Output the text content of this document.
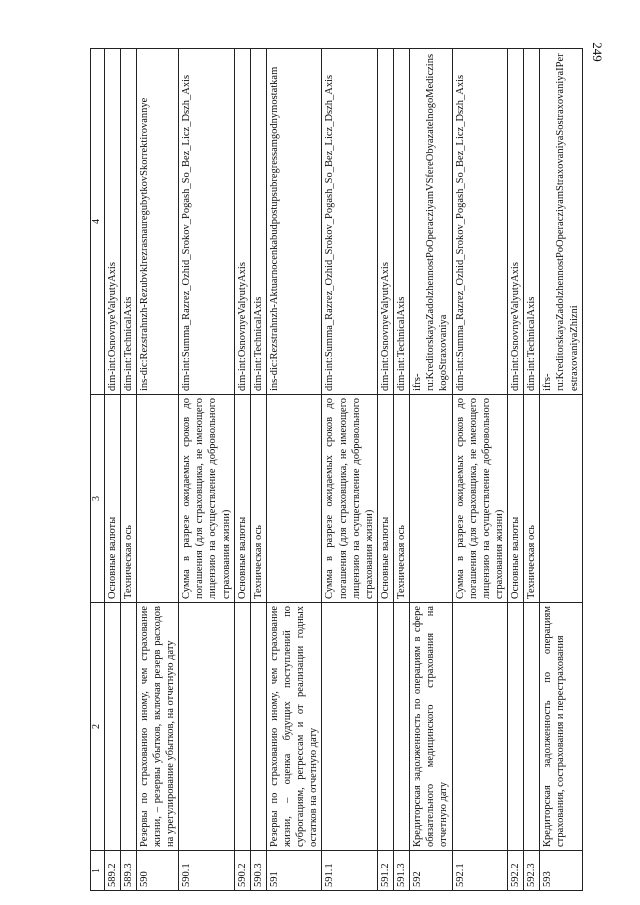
249
1	2	3	4
589.2		Основные валюты	dim-int:OsnovnyeValyutyAxis
589.3		Техническая ось	dim-int:TechnicalAxis
590	Резервы по страхованию иному, чем страхование жизни, – резервы убытков, включая резерв расходов на урегулирование убытков, на отчетную дату		ins-dic:Rezstrahnzh-RezubvklrezrasnauregubytkovSkorrektirovannye
590.1		Сумма в разрезе ожидаемых сроков до погашения (для страховщика, не имеющего лицензию на осуществление добровольного страхования жизни)	dim-int:Summa_Razrez_Ozhid_Srokov_Pogash_So_Bez_Licz_Dszh_Axis
590.2		Основные валюты	dim-int:OsnovnyeValyutyAxis
590.3		Техническая ось	dim-int:TechnicalAxis
591	Резервы по страхованию иному, чем страхование жизни, – оценка будущих поступлений по суброгациям, регрессам и от реализации годных остатков на отчетную дату		ins-dic:Rezstrahnzh-Aktuarnocenkabudpostupsubregressamgodnymostatkam
591.1		Сумма в разрезе ожидаемых сроков до погашения (для страховщика, не имеющего лицензию на осуществление добровольного страхования жизни)	dim-int:Summa_Razrez_Ozhid_Srokov_Pogash_So_Bez_Licz_Dszh_Axis
591.2		Основные валюты	dim-int:OsnovnyeValyutyAxis
591.3		Техническая ось	dim-int:TechnicalAxis
592	Кредиторская задолженность по операциям в сфере обязательного медицинского страхования на отчетную дату		ifrs-ru:KreditorskayaZadolzhennostPoOperacziyamVSfereObyazatelnogoMediczinskogoStraxovaniya
592.1		Сумма в разрезе ожидаемых сроков до погашения (для страховщика, не имеющего лицензию на осуществление добровольного страхования жизни)	dim-int:Summa_Razrez_Ozhid_Srokov_Pogash_So_Bez_Licz_Dszh_Axis
592.2		Основные валюты	dim-int:OsnovnyeValyutyAxis
592.3		Техническая ось	dim-int:TechnicalAxis
593	Кредиторская задолженность по операциям страхования, сострахования и перестрахования		ifrs-ru:KreditorskayaZadolzhennostPoOperacziyamStraxovaniyaSostraxovaniyaIPerestraxovaniyaZhizni
